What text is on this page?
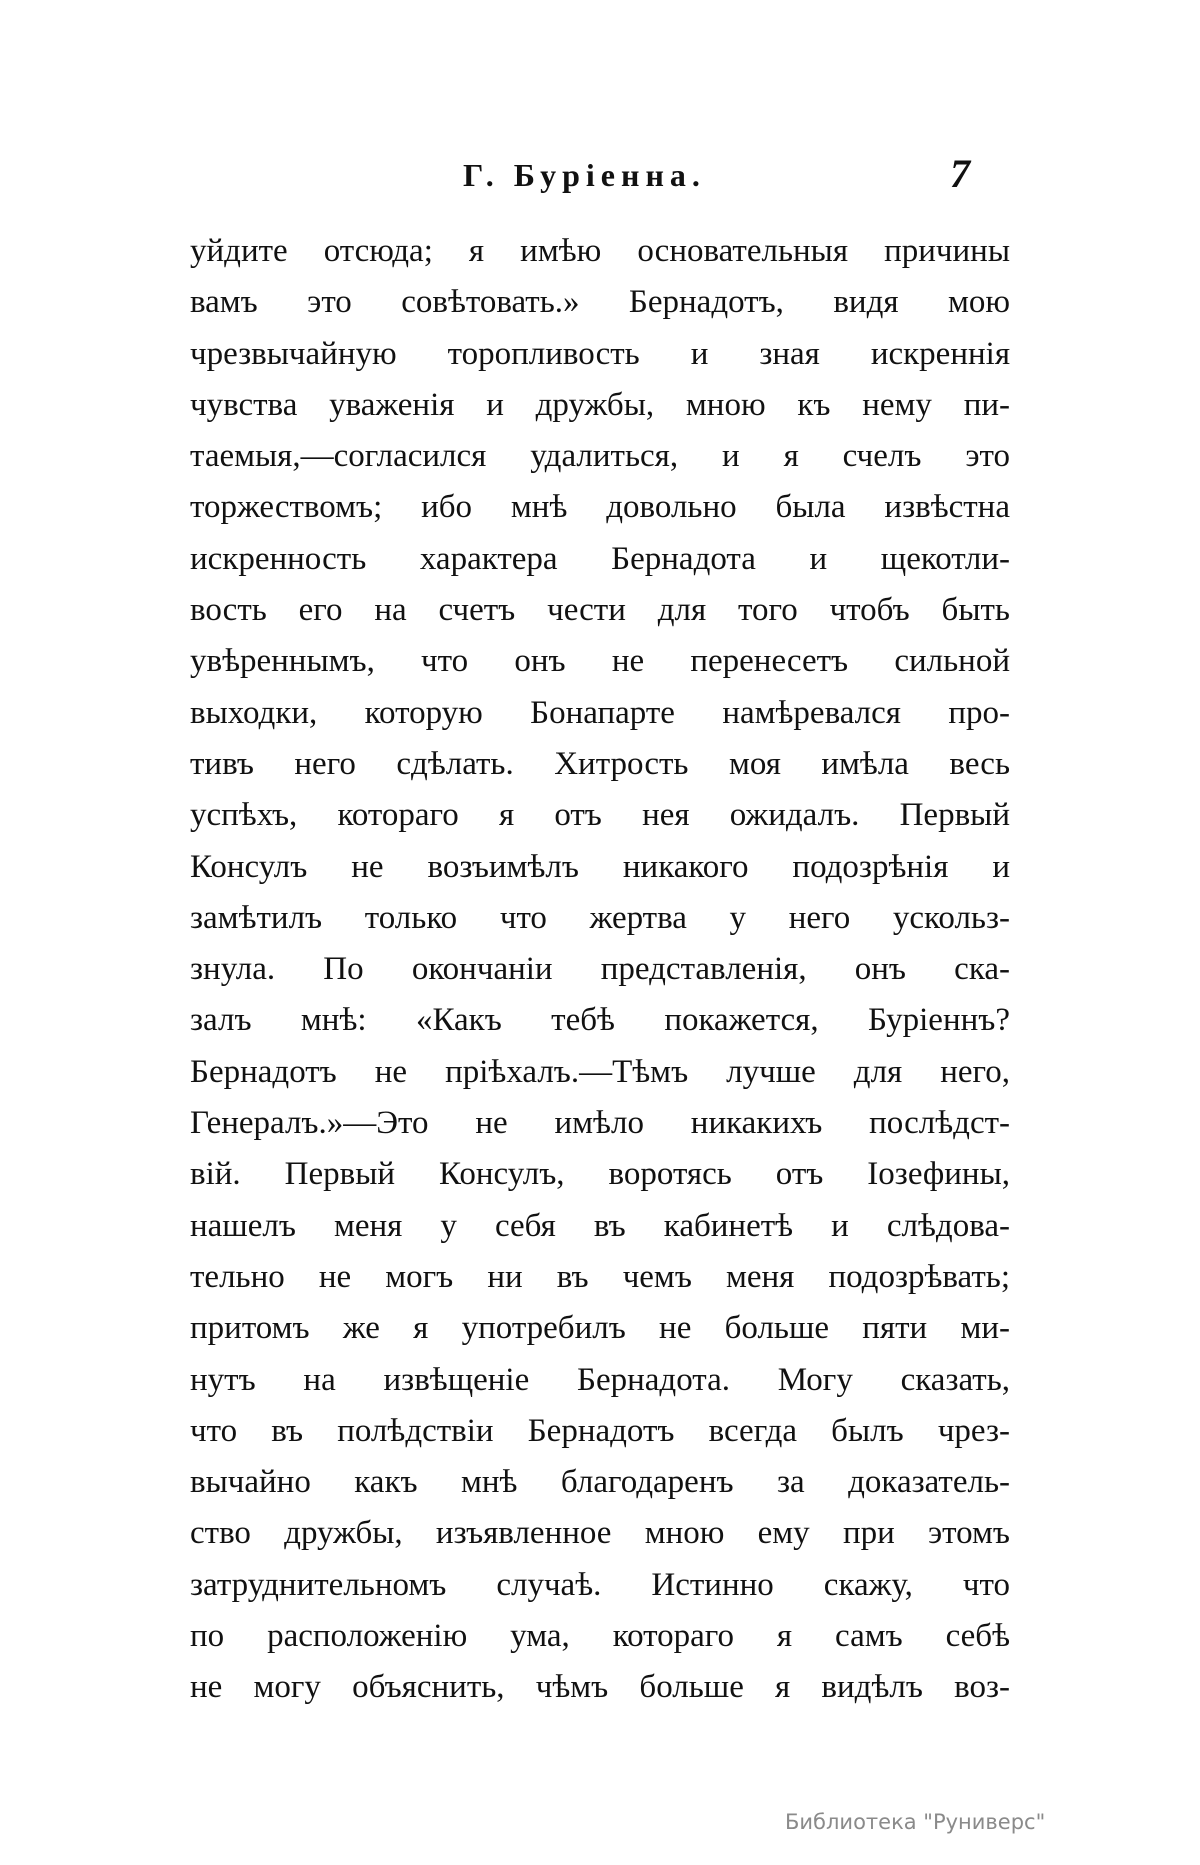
Г. Бурiенна.	7
уйдите отсюда; я имѣю основательныя причины
вамъ это совѣтовать.» Бернадотъ, видя мою
чрезвычайную торопливость и зная искреннiя
чувства уваженiя и дружбы, мною къ нему пи-
таемыя,—согласился удалиться, и я счелъ это
торжествомъ; ибо мнѣ довольно была извѣстна
искренность характера Бернадота и щекотли-
вость его на счетъ чести для того чтобъ быть
увѣреннымъ, что онъ не перенесетъ сильной
выходки, которую Бонапарте намѣревался про-
тивъ него сдѣлать. Хитрость моя имѣла весь
успѣхъ, котораго я отъ нея ожидалъ. Первый
Консулъ не возъимѣлъ никакого подозрѣнiя и
замѣтилъ только что жертва у него ускольз-
знула. По окончанiи представленiя, онъ ска-
залъ мнѣ: «Какъ тебѣ покажется, Бурiеннъ?
Бернадотъ не прiѣхалъ.—Тѣмъ лучше для него,
Генералъ.»—Это не имѣло никакихъ послѣдст-
вiй. Первый Консулъ, воротясь отъ Iозефины,
нашелъ меня у себя въ кабинетѣ и слѣдова-
тельно не могъ ни въ чемъ меня подозрѣвать;
притомъ же я употребилъ не больше пяти ми-
нутъ на извѣщенiе Бернадота. Могу сказать,
что въ полѣдствiи Бернадотъ всегда былъ чрез-
вычайно какъ мнѣ благодаренъ за доказатель-
ство дружбы, изъявленное мною ему при этомъ
затруднительномъ случаѣ. Истинно скажу, что
по расположенiю ума, котораго я самъ себѣ
не могу объяснить, чѣмъ больше я видѣлъ воз-
Библиотека "Руниверс"
